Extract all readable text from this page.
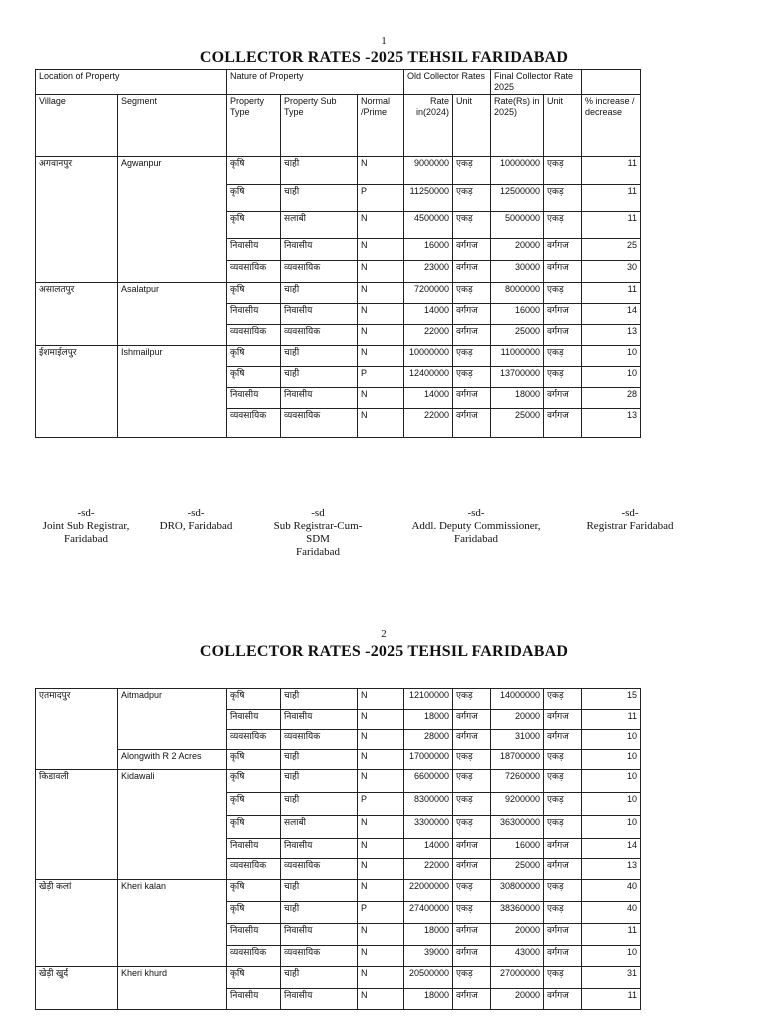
1
COLLECTOR RATES -2025 TEHSIL FARIDABAD
Location of Property		Nature of Property			Old Collector Rates		Final Collector Rate 2025		
Village	Segment	Property Type	Property Sub Type	Normal /Prime	Rate in(2024)	Unit	Rate(Rs) in 2025)	Unit	% increase / decrease
अगवानपुर	Agwanpur	कृषि	चाही	N	9000000	एकड़	10000000	एकड़	11
		कृषि	चाही	P	11250000	एकड़	12500000	एकड़	11
		कृषि	सलाबी	N	4500000	एकड़	5000000	एकड़	11
		निवासीय	निवासीय	N	16000	वर्गगज	20000	वर्गगज	25
		व्यवसायिक	व्यवसायिक	N	23000	वर्गगज	30000	वर्गगज	30
असालतपुर	Asalatpur	कृषि	चाही	N	7200000	एकड़	8000000	एकड़	11
		निवासीय	निवासीय	N	14000	वर्गगज	16000	वर्गगज	14
		व्यवसायिक	व्यवसायिक	N	22000	वर्गगज	25000	वर्गगज	13
ईशमाईलपुर	Ishmailpur	कृषि	चाही	N	10000000	एकड़	11000000	एकड़	10
		कृषि	चाही	P	12400000	एकड़	13700000	एकड़	10
		निवासीय	निवासीय	N	14000	वर्गगज	18000	वर्गगज	28
		व्यवसायिक	व्यवसायिक	N	22000	वर्गगज	25000	वर्गगज	13
-sd-
Joint Sub Registrar,
Faridabad
-sd-
DRO, Faridabad
-sd
Sub Registrar-Cum-SDM
Faridabad
-sd-
Addl. Deputy Commissioner,
Faridabad
-sd-
Registrar Faridabad
2
COLLECTOR RATES -2025 TEHSIL FARIDABAD
एतमादपुर	Aitmadpur	कृषि	चाही	N	12100000	एकड़	14000000	एकड़	15
		निवासीय	निवासीय	N	18000	वर्गगज	20000	वर्गगज	11
		व्यवसायिक	व्यवसायिक	N	28000	वर्गगज	31000	वर्गगज	10
	Alongwith R 2 Acres	कृषि	चाही	N	17000000	एकड़	18700000	एकड़	10
किडावली	Kidawali	कृषि	चाही	N	6600000	एकड़	7260000	एकड़	10
		कृषि	चाही	P	8300000	एकड़	9200000	एकड़	10
		कृषि	सलाबी	N	3300000	एकड़	36300000	एकड़	10
		निवासीय	निवासीय	N	14000	वर्गगज	16000	वर्गगज	14
		व्यवसायिक	व्यवसायिक	N	22000	वर्गगज	25000	वर्गगज	13
खेड़ी कलां	Kheri kalan	कृषि	चाही	N	22000000	एकड़	30800000	एकड़	40
		कृषि	चाही	P	27400000	एकड़	38360000	एकड़	40
		निवासीय	निवासीय	N	18000	वर्गगज	20000	वर्गगज	11
		व्यवसायिक	व्यवसायिक	N	39000	वर्गगज	43000	वर्गगज	10
खेड़ी खुर्द	Kheri khurd	कृषि	चाही	N	20500000	एकड़	27000000	एकड़	31
		निवासीय	निवासीय	N	18000	वर्गगज	20000	वर्गगज	11
